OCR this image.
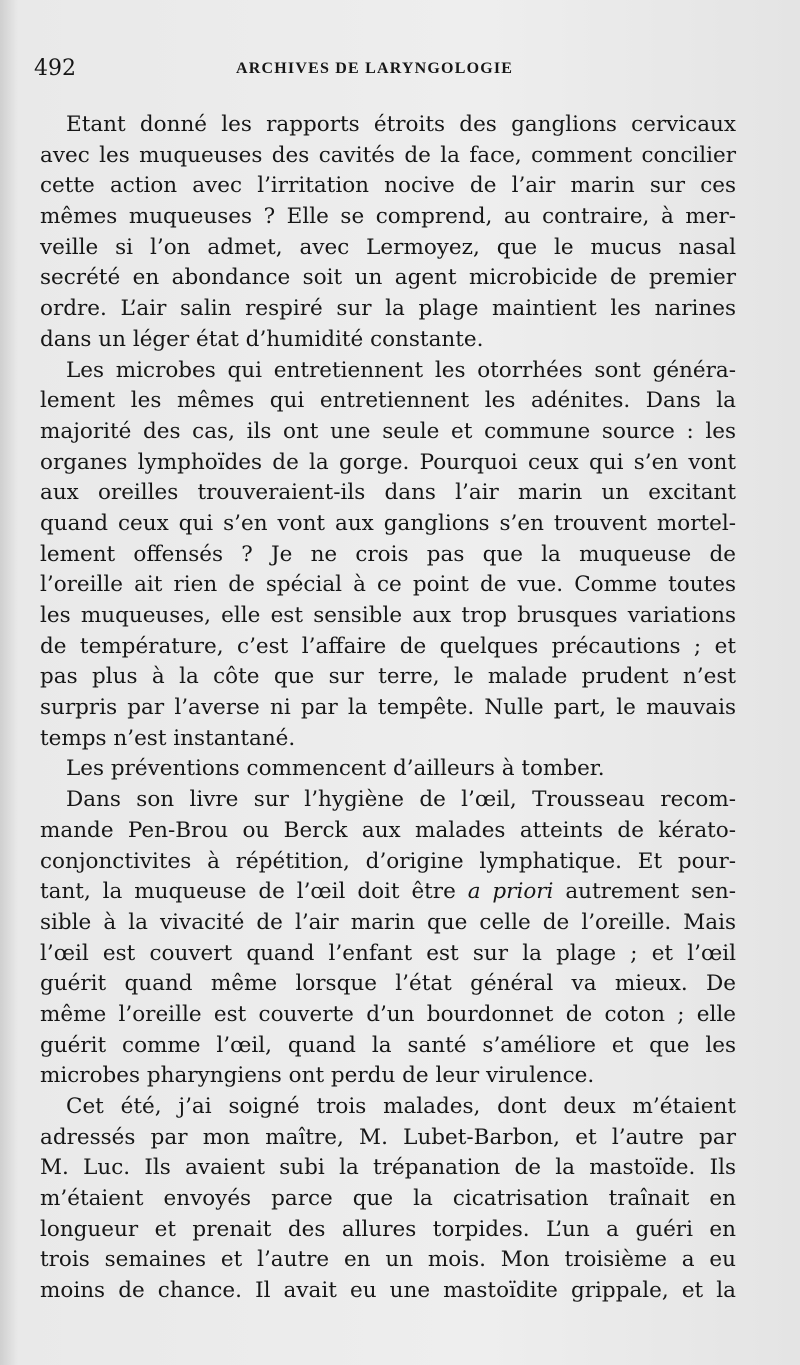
492	ARCHIVES DE LARYNGOLOGIE
Etant donné les rapports étroits des ganglions cervicaux
avec les muqueuses des cavités de la face, comment concilier
cette action avec l’irritation nocive de l’air marin sur ces
mêmes muqueuses ? Elle se comprend, au contraire, à mer-
veille si l’on admet, avec Lermoyez, que le mucus nasal
secrété en abondance soit un agent microbicide de premier
ordre. L’air salin respiré sur la plage maintient les narines
dans un léger état d’humidité constante.
Les microbes qui entretiennent les otorrhées sont généra-
lement les mêmes qui entretiennent les adénites. Dans la
majorité des cas, ils ont une seule et commune source : les
organes lymphoïdes de la gorge. Pourquoi ceux qui s’en vont
aux oreilles trouveraient-ils dans l’air marin un excitant
quand ceux qui s’en vont aux ganglions s’en trouvent mortel-
lement offensés ? Je ne crois pas que la muqueuse de
l’oreille ait rien de spécial à ce point de vue. Comme toutes
les muqueuses, elle est sensible aux trop brusques variations
de température, c’est l’affaire de quelques précautions ; et
pas plus à la côte que sur terre, le malade prudent n’est
surpris par l’averse ni par la tempête. Nulle part, le mauvais
temps n’est instantané.
Les préventions commencent d’ailleurs à tomber.
Dans son livre sur l’hygiène de l’œil, Trousseau recom-
mande Pen-Brou ou Berck aux malades atteints de kérato-
conjonctivites à répétition, d’origine lymphatique. Et pour-
tant, la muqueuse de l’œil doit être a priori autrement sen-
sible à la vivacité de l’air marin que celle de l’oreille. Mais
l’œil est couvert quand l’enfant est sur la plage ; et l’œil
guérit quand même lorsque l’état général va mieux. De
même l’oreille est couverte d’un bourdonnet de coton ; elle
guérit comme l’œil, quand la santé s’améliore et que les
microbes pharyngiens ont perdu de leur virulence.
Cet été, j’ai soigné trois malades, dont deux m’étaient
adressés par mon maître, M. Lubet-Barbon, et l’autre par
M. Luc. Ils avaient subi la trépanation de la mastoïde. Ils
m’étaient envoyés parce que la cicatrisation traînait en
longueur et prenait des allures torpides. L’un a guéri en
trois semaines et l’autre en un mois. Mon troisième a eu
moins de chance. Il avait eu une mastoïdite grippale, et la
